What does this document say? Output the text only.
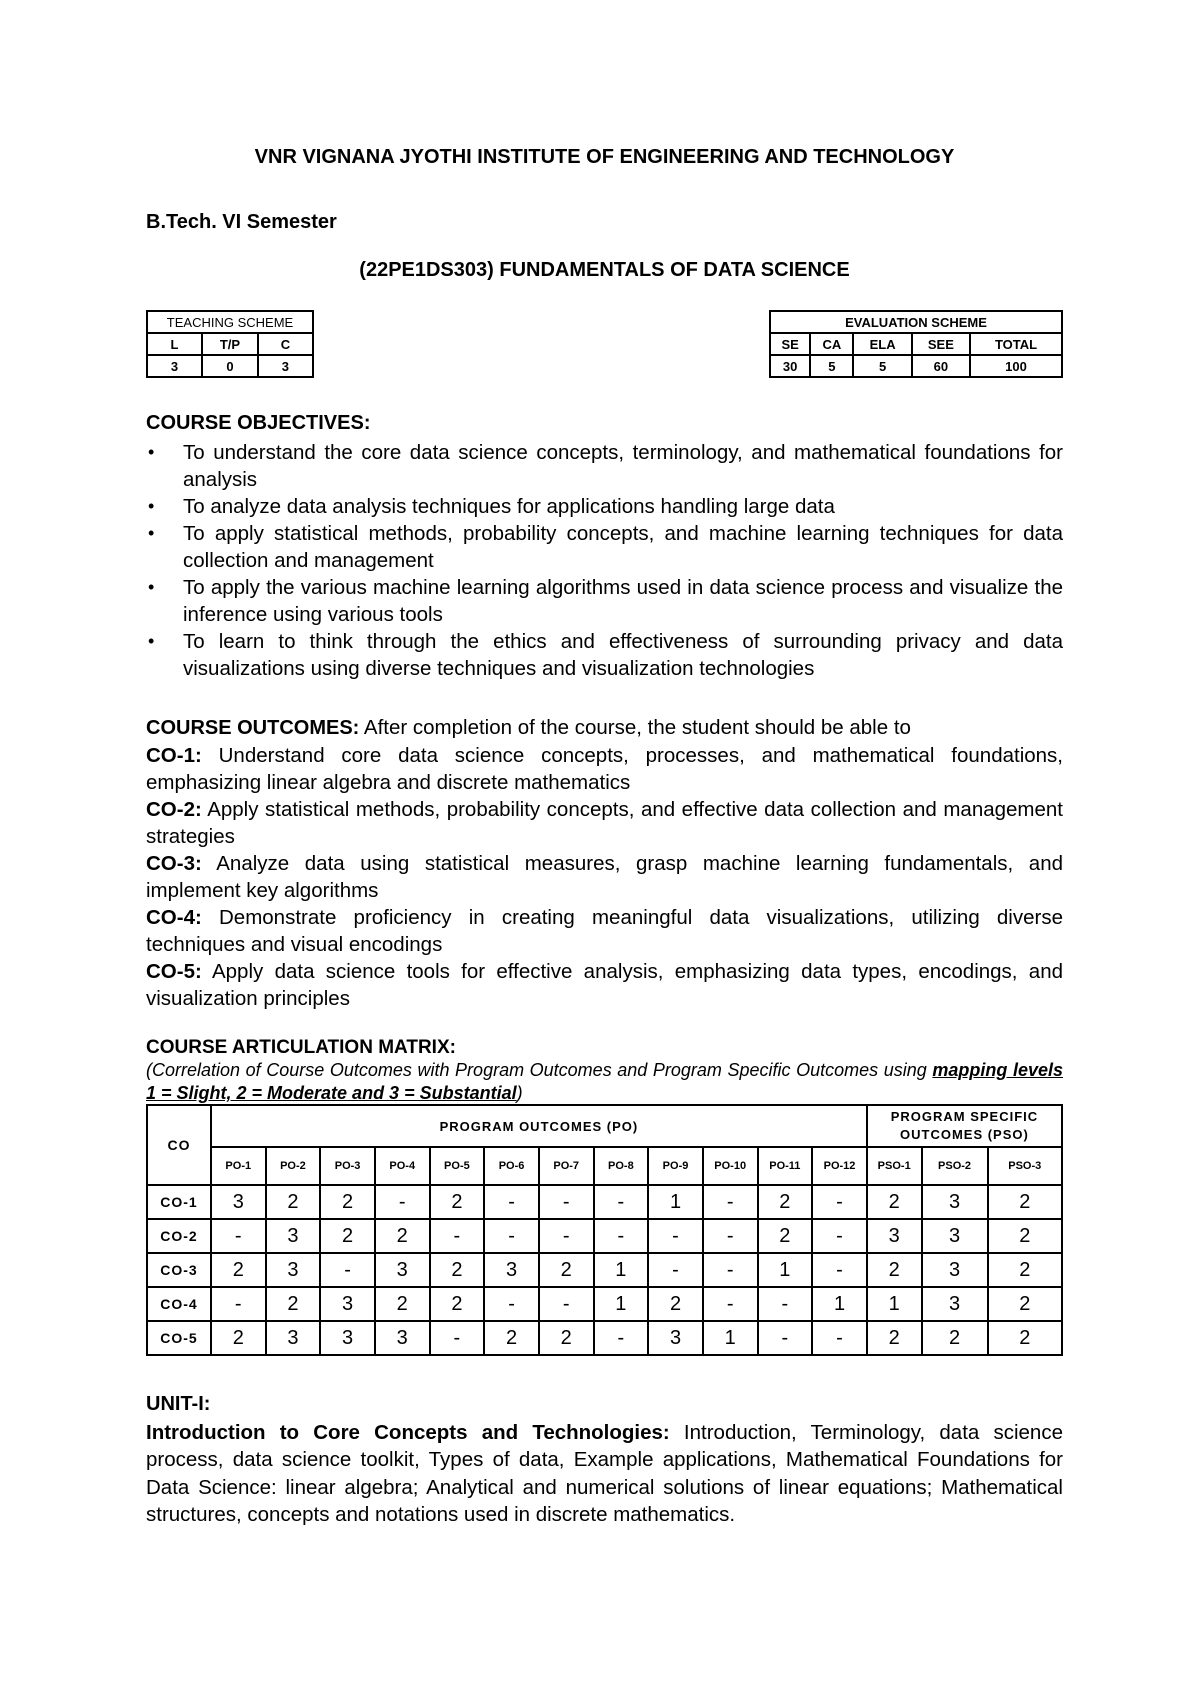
VNR VIGNANA JYOTHI INSTITUTE OF ENGINEERING AND TECHNOLOGY
B.Tech. VI Semester
(22PE1DS303) FUNDAMENTALS OF DATA SCIENCE
TEACHING SCHEME		
L	T/P	C
3	0	3
EVALUATION SCHEME				
SE	CA	ELA	SEE	TOTAL
30	5	5	60	100
COURSE OBJECTIVES:
• To understand the core data science concepts, terminology, and mathematical foundations for analysis
• To analyze data analysis techniques for applications handling large data
• To apply statistical methods, probability concepts, and machine learning techniques for data collection and management
• To apply the various machine learning algorithms used in data science process and visualize the inference using various tools
• To learn to think through the ethics and effectiveness of surrounding privacy and data visualizations using diverse techniques and visualization technologies

COURSE OUTCOMES: After completion of the course, the student should be able to

CO-1: Understand core data science concepts, processes, and mathematical foundations, emphasizing linear algebra and discrete mathematics

CO-2: Apply statistical methods, probability concepts, and effective data collection and management strategies

CO-3: Analyze data using statistical measures, grasp machine learning fundamentals, and implement key algorithms

CO-4: Demonstrate proficiency in creating meaningful data visualizations, utilizing diverse techniques and visual encodings

CO-5: Apply data science tools for effective analysis, emphasizing data types, encodings, and visualization principles

COURSE ARTICULATION MATRIX:
(Correlation of Course Outcomes with Program Outcomes and Program Specific Outcomes using mapping levels 1 = Slight, 2 = Moderate and 3 = Substantial)
CO	PROGRAM OUTCOMES (PO)												PROGRAM SPECIFIC OUTCOMES (PSO)		
	PO-1	PO-2	PO-3	PO-4	PO-5	PO-6	PO-7	PO-8	PO-9	PO-10	PO-11	PO-12	PSO-1	PSO-2	PSO-3
CO-1	3	2	2	-	2	-	-	-	1	-	2	-	2	3	2
CO-2	-	3	2	2	-	-	-	-	-	-	2	-	3	3	2
CO-3	2	3	-	3	2	3	2	1	-	-	1	-	2	3	2
CO-4	-	2	3	2	2	-	-	1	2	-	-	1	1	3	2
CO-5	2	3	3	3	-	2	2	-	3	1	-	-	2	2	2
UNIT-I:

Introduction to Core Concepts and Technologies: Introduction, Terminology, data science process, data science toolkit, Types of data, Example applications, Mathematical Foundations for Data Science: linear algebra; Analytical and numerical solutions of linear equations; Mathematical structures, concepts and notations used in discrete mathematics.
